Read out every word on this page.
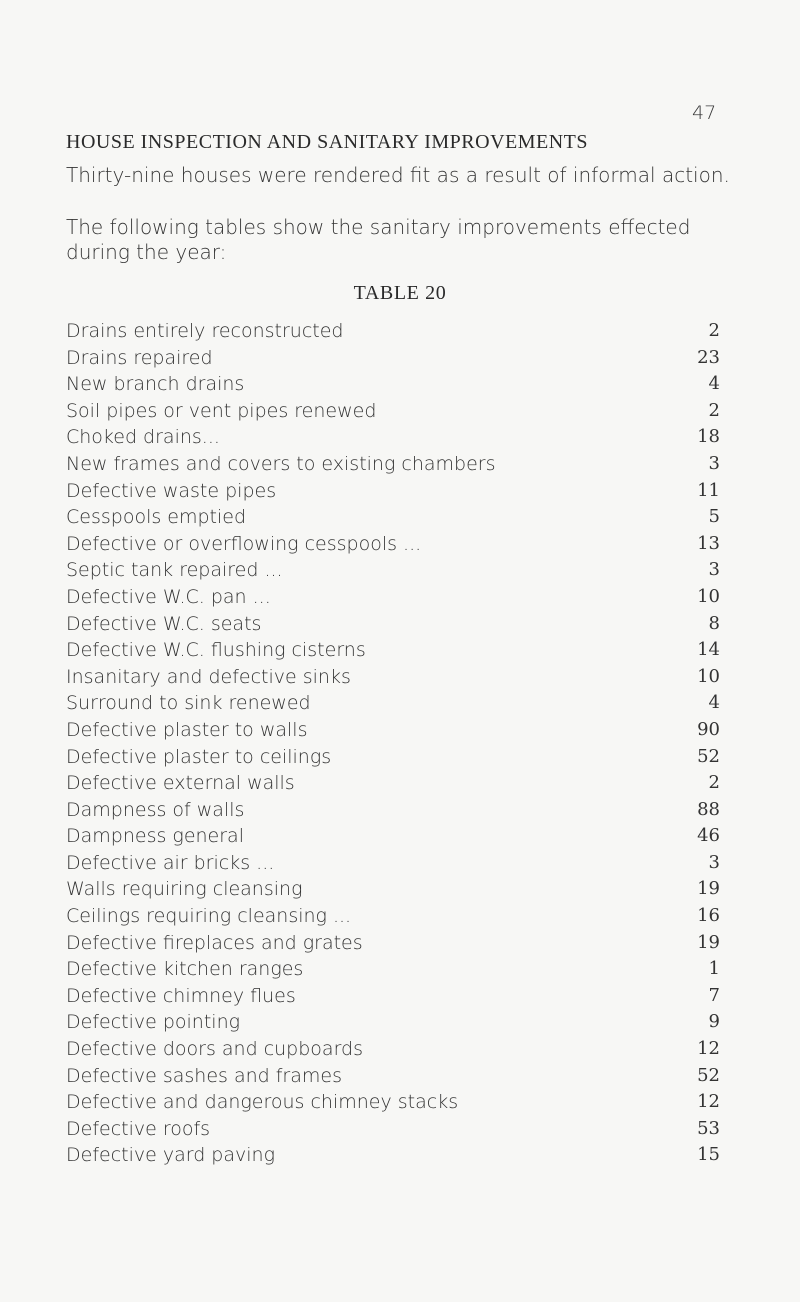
47
HOUSE INSPECTION AND SANITARY IMPROVEMENTS
Thirty-nine houses were rendered fit as a result of informal action.
The following tables show the sanitary improvements effected during the year:
TABLE 20
Drains entirely reconstructed	2
Drains repaired	23
New branch drains	4
Soil pipes or vent pipes renewed	2
Choked drains...	18
New frames and covers to existing chambers	3
Defective waste pipes	11
Cesspools emptied	5
Defective or overflowing cesspools ...	13
Septic tank repaired ...	3
Defective W.C. pan ...	10
Defective W.C. seats	8
Defective W.C. flushing cisterns	14
Insanitary and defective sinks	10
Surround to sink renewed	4
Defective plaster to walls	90
Defective plaster to ceilings	52
Defective external walls	2
Dampness of walls	88
Dampness general	46
Defective air bricks ...	3
Walls requiring cleansing	19
Ceilings requiring cleansing ...	16
Defective fireplaces and grates	19
Defective kitchen ranges	1
Defective chimney flues	7
Defective pointing	9
Defective doors and cupboards	12
Defective sashes and frames	52
Defective and dangerous chimney stacks	12
Defective roofs	53
Defective yard paving	15
